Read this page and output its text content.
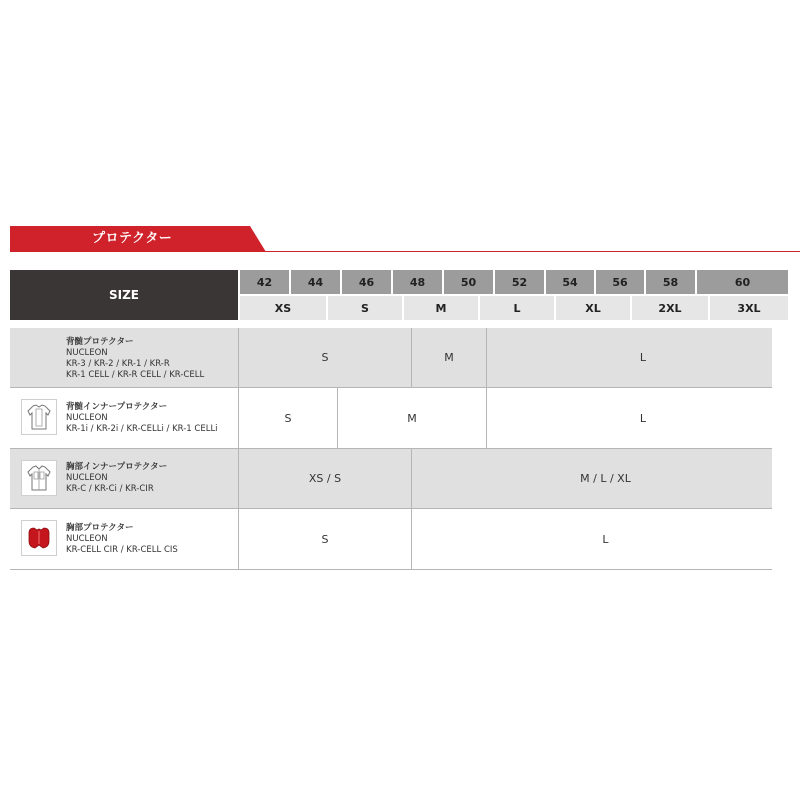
プロテクター
SIZE
42	44	46	48	50	52	54	56	58	60
XS	S	M	L	XL	2XL	3XL
背髄プロテクター
NUCLEON
KR-3 / KR-2 / KR-1 / KR-R
KR-1 CELL / KR-R CELL / KR-CELL
S	M	L
背髄インナープロテクター
NUCLEON
KR-1i / KR-2i / KR-CELLi / KR-1 CELLi
S	M	L
胸部インナープロテクター
NUCLEON
KR-C / KR-Ci / KR-CIR
XS / S	M / L / XL
胸部プロテクター
NUCLEON
KR-CELL CIR / KR-CELL CIS
S	L
